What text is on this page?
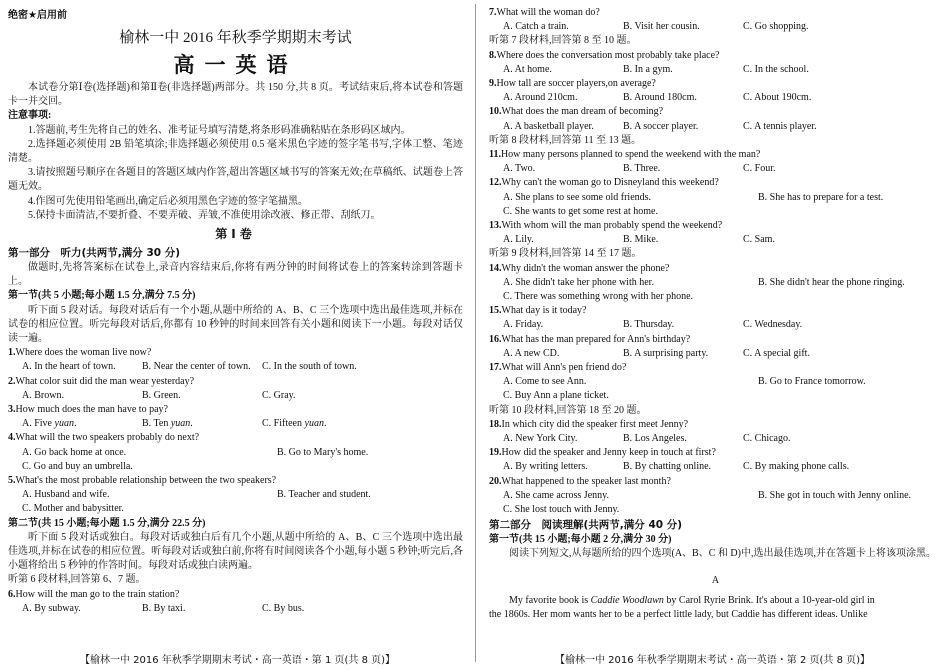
绝密★启用前
榆林一中 2016 年秋季学期期末考试
高一英语
本试卷分第Ⅰ卷(选择题)和第Ⅱ卷(非选择题)两部分。共 150 分,共 8 页。考试结束后,将本试卷和答题卡一并交回。
注意事项:
1.答题前,考生先将自己的姓名、准考证号填写清楚,将条形码准确粘贴在条形码区域内。
2.选择题必须使用 2B 铅笔填涂;非选择题必须使用 0.5 毫米黑色字迹的签字笔书写,字体工整、笔迹清楚。
3.请按照题号顺序在各题目的答题区域内作答,超出答题区域书写的答案无效;在草稿纸、试题卷上答题无效。
4.作图可先使用铅笔画出,确定后必须用黑色字迹的签字笔描黑。
5.保持卡面清洁,不要折叠、不要弄破、弄皱,不准使用涂改液、修正带、刮纸刀。
第Ⅰ卷
第一部分　听力(共两节,满分 30 分)
做题时,先将答案标在试卷上,录音内容结束后,你将有两分钟的时间将试卷上的答案转涂到答题卡上。
第一节(共 5 小题;每小题 1.5 分,满分 7.5 分)
听下面 5 段对话。每段对话后有一个小题,从题中所给的 A、B、C 三个选项中选出最佳选项,并标在试卷的相应位置。听完每段对话后,你都有 10 秒钟的时间来回答有关小题和阅读下一小题。每段对话仅读一遍。
1.Where does the woman live now?
A. In the heart of town.	B. Near the center of town.	C. In the south of town.
2.What color suit did the man wear yesterday?
A. Brown.	B. Green.	C. Gray.
3.How much does the man have to pay?
A. Five yuan.	B. Ten yuan.	C. Fifteen yuan.
4.What will the two speakers probably do next?
A. Go back home at once.	B. Go to Mary's home.
C. Go and buy an umbrella.
5.What's the most probable relationship between the two speakers?
A. Husband and wife.	B. Teacher and student.
C. Mother and babysitter.
第二节(共 15 小题;每小题 1.5 分,满分 22.5 分)
听下面 5 段对话或独白。每段对话或独白后有几个小题,从题中所给的 A、B、C 三个选项中选出最佳选项,并标在试卷的相应位置。听每段对话或独白前,你将有时间阅读各个小题,每小题 5 秒钟;听完后,各小题将给出 5 秒钟的作答时间。每段对话或独白读两遍。
听第 6 段材料,回答第 6、7 题。
6.How will the man go to the train station?
A. By subway.	B. By taxi.	C. By bus.
【榆林一中 2016 年秋季学期期末考试・高一英语・第 1 页(共 8 页)】
7.What will the woman do?
A. Catch a train.	B. Visit her cousin.	C. Go shopping.
听第 7 段材料,回答第 8 至 10 题。
8.Where does the conversation most probably take place?
A. At home.	B. In a gym.	C. In the school.
9.How tall are soccer players,on average?
A. Around 210cm.	B. Around 180cm.	C. About 190cm.
10.What does the man dream of becoming?
A. A basketball player.	B. A soccer player.	C. A tennis player.
听第 8 段材料,回答第 11 至 13 题。
11.How many persons planned to spend the weekend with the man?
A. Two.	B. Three.	C. Four.
12.Why can't the woman go to Disneyland this weekend?
A. She plans to see some old friends.	B. She has to prepare for a test.
C. She wants to get some rest at home.
13.With whom will the man probably spend the weekend?
A. Lily.	B. Mike.	C. Sam.
听第 9 段材料,回答第 14 至 17 题。
14.Why didn't the woman answer the phone?
A. She didn't take her phone with her.	B. She didn't hear the phone ringing.
C. There was something wrong with her phone.
15.What day is it today?
A. Friday.	B. Thursday.	C. Wednesday.
16.What has the man prepared for Ann's birthday?
A. A new CD.	B. A surprising party.	C. A special gift.
17.What will Ann's pen friend do?
A. Come to see Ann.	B. Go to France tomorrow.
C. Buy Ann a plane ticket.
听第 10 段材料,回答第 18 至 20 题。
18.In which city did the speaker first meet Jenny?
A. New York City.	B. Los Angeles.	C. Chicago.
19.How did the speaker and Jenny keep in touch at first?
A. By writing letters.	B. By chatting online.	C. By making phone calls.
20.What happened to the speaker last month?
A. She came across Jenny.	B. She got in touch with Jenny online.
C. She lost touch with Jenny.
第二部分　阅读理解(共两节,满分 40 分)
第一节(共 15 小题;每小题 2 分,满分 30 分)
阅读下列短文,从每题所给的四个选项(A、B、C 和 D)中,选出最佳选项,并在答题卡上将该项涂黑。
A
My favorite book is Caddie Woodlawn by Carol Ryrie Brink. It's about a 10-year-old girl in
the 1860s. Her mom wants her to be a perfect little lady, but Caddie has different ideas. Unlike
【榆林一中 2016 年秋季学期期末考试・高一英语・第 2 页(共 8 页)】
